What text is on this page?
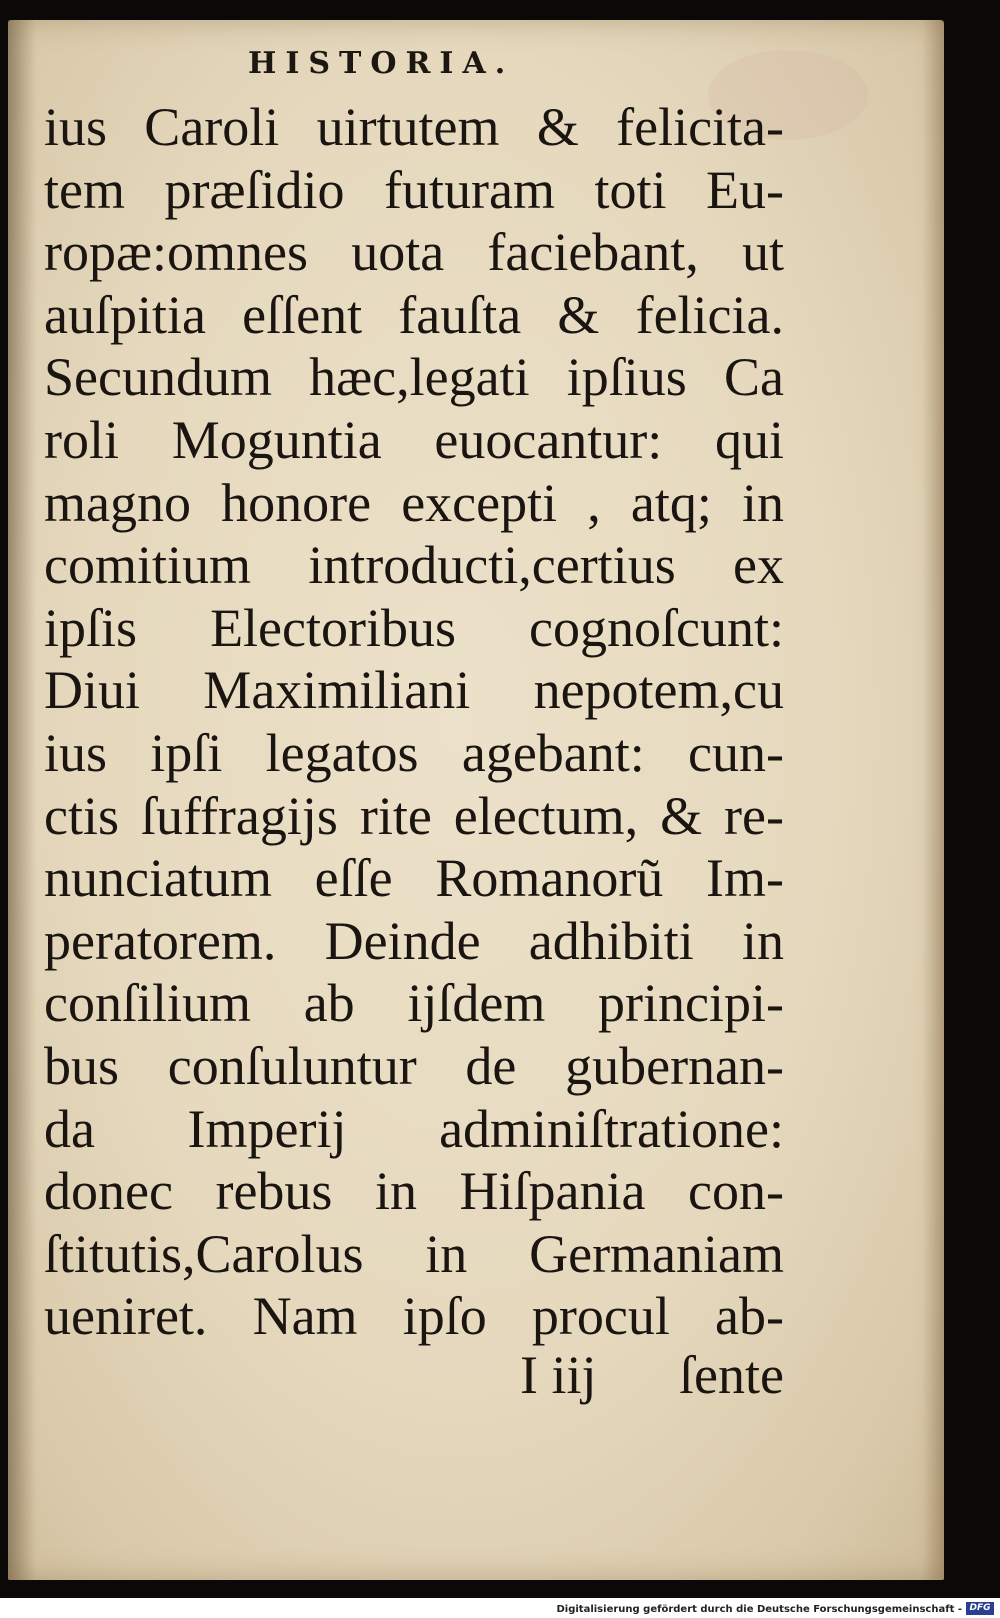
HISTORIA.
ius Caroli uirtutem & felicita-
tem præſidio futuram toti Eu-
ropæ:omnes uota faciebant, ut
auſpitia eſſent fauſta & felicia.
Secundum hæc,legati ipſius Ca
roli Moguntia euocantur: qui
magno honore excepti , atq; in
comitium introducti,certius ex
ipſis Electoribus cognoſcunt:
Diui Maximiliani nepotem,cu
ius ipſi legatos agebant: cun-
ctis ſuffragijs rite electum, & re-
nunciatum eſſe Romanorũ Im-
peratorem. Deinde adhibiti in
conſilium ab ijſdem principi-
bus conſuluntur de gubernan-
da Imperij adminiſtratione:
donec rebus in Hiſpania con-
ſtitutis,Carolus in Germaniam
ueniret. Nam ipſo procul ab-
I iij ſente
Digitalisierung gefördert durch die Deutsche Forschungsgemeinschaft - DFG
